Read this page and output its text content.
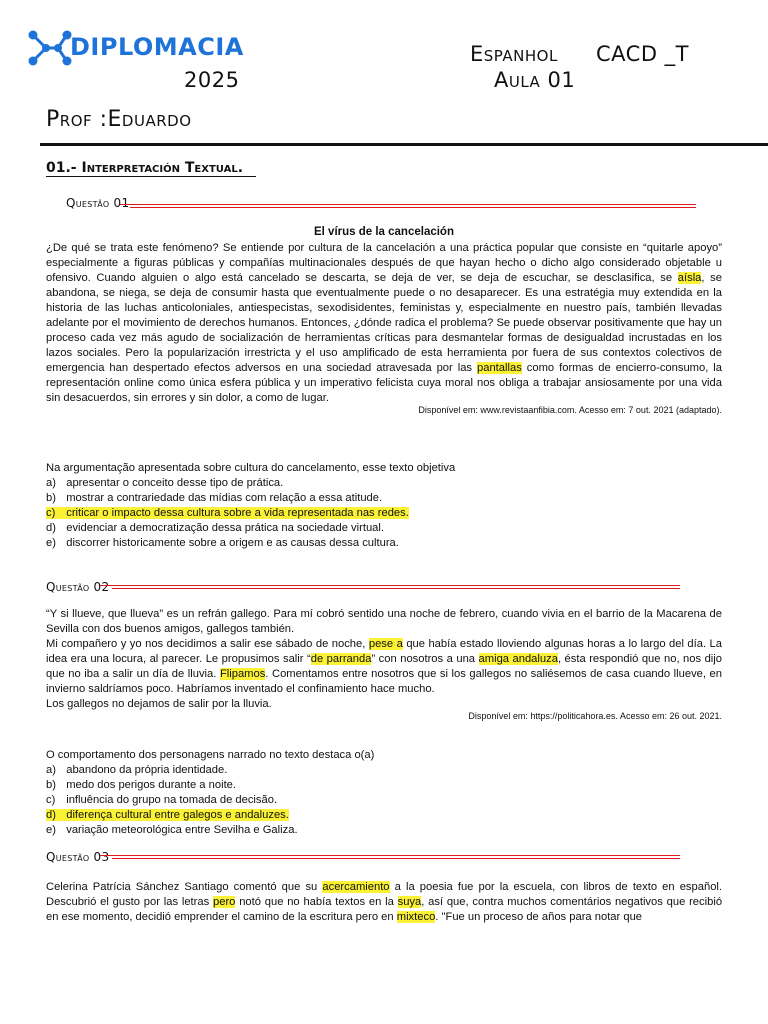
DIPLOMACIA	Espanhol CACD _T
2025	Aula 01
Prof :Eduardo
01.- Interpretación Textual.
Questão 01
El vírus de la cancelación
¿De qué se trata este fenómeno? Se entiende por cultura de la cancelación a una práctica popular que consiste en “quitarle apoyo” especialmente a figuras públicas y compañías multinacionales después de que hayan hecho o dicho algo considerado objetable u ofensivo. Cuando alguien o algo está cancelado se descarta, se deja de ver, se deja de escuchar, se desclasifica, se aísla, se abandona, se niega, se deja de consumir hasta que eventualmente puede o no desaparecer. Es una estratégia muy extendida en la historia de las luchas anticoloniales, antiespecistas, sexodisidentes, feministas y, especialmente en nuestro país, también llevadas adelante por el movimiento de derechos humanos. Entonces, ¿dónde radica el problema? Se puede observar positivamente que hay un proceso cada vez más agudo de socialización de herramientas críticas para desmantelar formas de desigualdad incrustadas en los lazos sociales. Pero la popularización irrestricta y el uso amplificado de esta herramienta por fuera de sus contextos colectivos de emergencia han despertado efectos adversos en una sociedad atravesada por las pantallas como formas de encierro-consumo, la representación online como única esfera pública y un imperativo felicista cuya moral nos obliga a trabajar ansiosamente por una vida sin desacuerdos, sin errores y sin dolor, a como de lugar.
Disponível em: www.revistaanfibia.com. Acesso em: 7 out. 2021 (adaptado).
Na argumentação apresentada sobre cultura do cancelamento, esse texto objetiva
a) apresentar o conceito desse tipo de prática.
b) mostrar a contrariedade das mídias com relação a essa atitude.
c) criticar o impacto dessa cultura sobre a vida representada nas redes.
d) evidenciar a democratização dessa prática na sociedade virtual.
e) discorrer historicamente sobre a origem e as causas dessa cultura.
Questão 02
“Y si llueve, que llueva” es un refrán gallego. Para mí cobró sentido una noche de febrero, cuando vivia en el barrio de la Macarena de Sevilla con dos buenos amigos, gallegos también.
Mi compañero y yo nos decidimos a salir ese sábado de noche, pese a que había estado lloviendo algunas horas a lo largo del día. La idea era una locura, al parecer. Le propusimos salir “de parranda” con nosotros a una amiga andaluza, ésta respondió que no, nos dijo que no iba a salir un día de lluvia. Flipamos. Comentamos entre nosotros que si los gallegos no saliésemos de casa cuando llueve, en invierno saldríamos poco. Habríamos inventado el confinamiento hace mucho.
Los gallegos no dejamos de salir por la lluvia.
Disponível em: https://politicahora.es. Acesso em: 26 out. 2021.
O comportamento dos personagens narrado no texto destaca o(a)
a) abandono da própria identidade.
b) medo dos perigos durante a noite.
c) influência do grupo na tomada de decisão.
d) diferença cultural entre galegos e andaluzes.
e) variação meteorológica entre Sevilha e Galiza.
Questão 03
Celerina Patrícia Sánchez Santiago comentó que su acercamiento a la poesia fue por la escuela, con libros de texto en español. Descubrió el gusto por las letras pero notó que no había textos en la suya, así que, contra muchos comentários negativos que recibió en ese momento, decidió emprender el camino de la escritura pero en mixteco. "Fue un proceso de años para notar que
